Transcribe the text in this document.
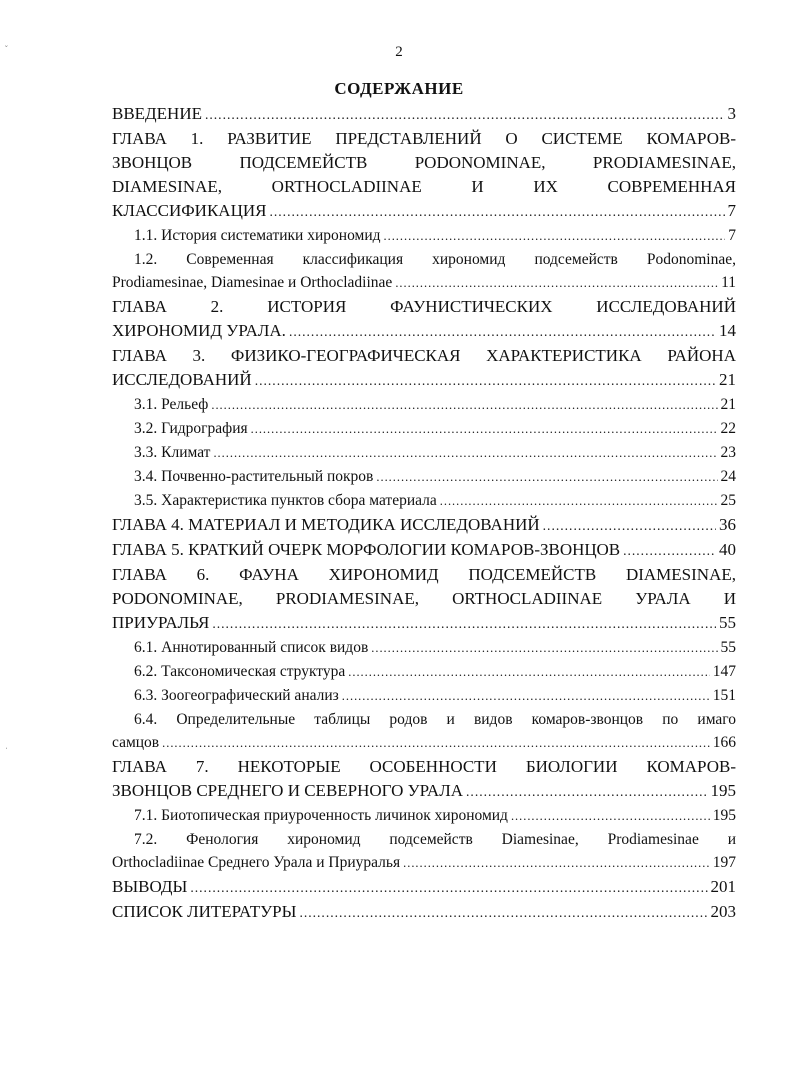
˘
ˌ
2
СОДЕРЖАНИЕ
ВВЕДЕНИЕ .....	3
ГЛАВА 1. РАЗВИТИЕ ПРЕДСТАВЛЕНИЙ О СИСТЕМЕ КОМАРОВ-
ЗВОНЦОВ ПОДСЕМЕЙСТВ PODONOMINAE, PRODIAMESINAE,
DIAMESINAE, ORTHOCLADIINAE И ИХ СОВРЕМЕННАЯ
КЛАССИФИКАЦИЯ .....	7
1.1. История систематики хирономид .....	7
1.2. Современная классификация хирономид подсемейств Podonominae,
Prodiamesinae, Diamesinae и Orthocladiinae .....	11
ГЛАВА 2. ИСТОРИЯ ФАУНИСТИЧЕСКИХ ИССЛЕДОВАНИЙ
ХИРОНОМИД УРАЛА. .....	14
ГЛАВА 3. ФИЗИКО-ГЕОГРАФИЧЕСКАЯ ХАРАКТЕРИСТИКА РАЙОНА
ИССЛЕДОВАНИЙ .....	21
3.1. Рельеф .....	21
3.2. Гидрография .....	22
3.3. Климат .....	23
3.4. Почвенно-растительный покров .....	24
3.5. Характеристика пунктов сбора материала .....	25
ГЛАВА 4. МАТЕРИАЛ И МЕТОДИКА ИССЛЕДОВАНИЙ .....	36
ГЛАВА 5. КРАТКИЙ ОЧЕРК МОРФОЛОГИИ КОМАРОВ-ЗВОНЦОВ .....	40
ГЛАВА 6. ФАУНА ХИРОНОМИД ПОДСЕМЕЙСТВ DIAMESINAE,
PODONOMINAE, PRODIAMESINAE, ORTHOCLADIINAE УРАЛА И
ПРИУРАЛЬЯ .....	55
6.1. Аннотированный список видов .....	55
6.2. Таксономическая структура .....	147
6.3. Зоогеографический анализ .....	151
6.4. Определительные таблицы родов и видов комаров-звонцов по имаго
самцов .....	166
ГЛАВА 7. НЕКОТОРЫЕ ОСОБЕННОСТИ БИОЛОГИИ КОМАРОВ-
ЗВОНЦОВ СРЕДНЕГО И СЕВЕРНОГО УРАЛА .....	195
7.1. Биотопическая приуроченность личинок хирономид .....	195
7.2. Фенология хирономид подсемейств Diamesinae, Prodiamesinae и
Orthocladiinae Среднего Урала и Приуралья .....	197
ВЫВОДЫ .....	201
СПИСОК ЛИТЕРАТУРЫ .....	203
